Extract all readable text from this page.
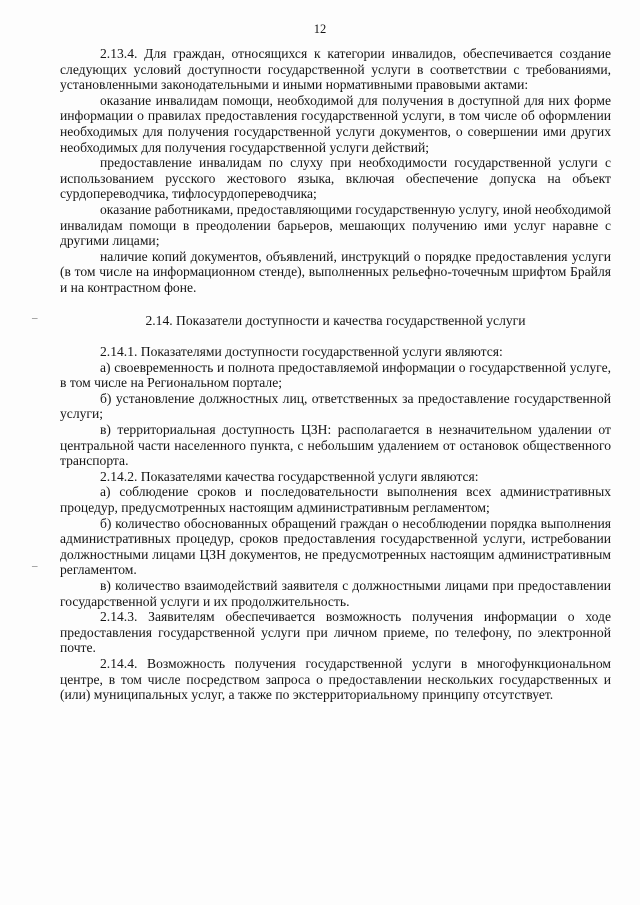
12
–
–

2.13.4. Для граждан, относящихся к категории инвалидов, обеспечивается создание следующих условий доступности государственной услуги в соответствии с требованиями, установленными законодательными и иными нормативными правовыми актами:

оказание инвалидам помощи, необходимой для получения в доступной для них форме информации о правилах предоставления государственной услуги, в том числе об оформлении необходимых для получения государственной услуги документов, о совершении ими других необходимых для получения государственной услуги действий;

предоставление инвалидам по слуху при необходимости государственной услуги с использованием русского жестового языка, включая обеспечение допуска на объект сурдопереводчика, тифлосурдопереводчика;

оказание работниками, предоставляющими государственную услугу, иной необходимой инвалидам помощи в преодолении барьеров, мешающих получению ими услуг наравне с другими лицами;

наличие копий документов, объявлений, инструкций о порядке предоставления услуги (в том числе на информационном стенде), выполненных рельефно-точечным шрифтом Брайля и на контрастном фоне.

2.14. Показатели доступности и качества государственной услуги

2.14.1. Показателями доступности государственной услуги являются:

а) своевременность и полнота предоставляемой информации о государственной услуге, в том числе на Региональном портале;

б) установление должностных лиц, ответственных за предоставление государственной услуги;

в) территориальная доступность ЦЗН: располагается в незначительном удалении от центральной части населенного пункта, с небольшим удалением от остановок общественного транспорта.

2.14.2. Показателями качества государственной услуги являются:

а) соблюдение сроков и последовательности выполнения всех административных процедур, предусмотренных настоящим административным регламентом;

б) количество обоснованных обращений граждан о несоблюдении порядка выполнения административных процедур, сроков предоставления государственной услуги, истребовании должностными лицами ЦЗН документов, не предусмотренных настоящим административным регламентом.

в) количество взаимодействий заявителя с должностными лицами при предоставлении государственной услуги и их продолжительность.

2.14.3. Заявителям обеспечивается возможность получения информации о ходе предоставления государственной услуги при личном приеме, по телефону, по электронной почте.

2.14.4. Возможность получения государственной услуги в многофункциональном центре, в том числе посредством запроса о предоставлении нескольких государственных и (или) муниципальных услуг, а также по экстерриториальному принципу отсутствует.
